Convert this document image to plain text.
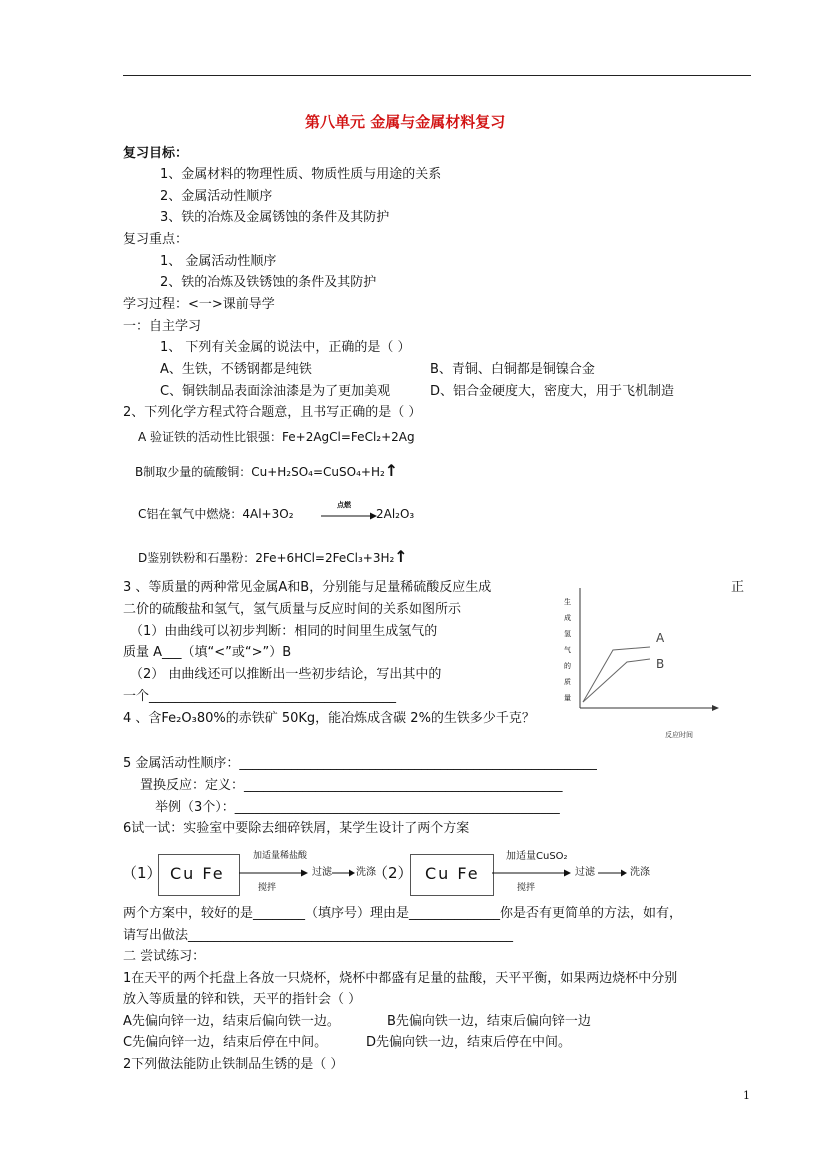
第八单元 金属与金属材料复习
复习目标：
1、金属材料的物理性质、物质性质与用途的关系
2、金属活动性顺序
3、铁的冶炼及金属锈蚀的条件及其防护
复习重点：
1、 金属活动性顺序
2、铁的冶炼及铁锈蚀的条件及其防护
学习过程：<一>课前导学
一：自主学习
1、 下列有关金属的说法中，正确的是（ ）
A、生铁，不锈钢都是纯铁	B、青铜、白铜都是铜镍合金
C、铜铁制品表面涂油漆是为了更加美观	D、铝合金硬度大，密度大，用于飞机制造
2、下列化学方程式符合题意，且书写正确的是（ ）
A 验证铁的活动性比银强：Fe+2AgCl=FeCl₂+2Ag
B制取少量的硫酸铜：Cu+H₂SO₄=CuSO₄+H₂↑
C铝在氧气中燃烧：4Al+3O₂
点燃
2Al₂O₃
D鉴别铁粉和石墨粉：2Fe+6HCl=2FeCl₃+3H₂↑
3 、等质量的两种常见金属A和B，分别能与足量稀硫酸反应生成	正
二价的硫酸盐和氢气，氢气质量与反应时间的关系如图所示
（1）由曲线可以初步判断：相同的时间里生成氢气的
质量 A___（填“<”或“>”）B
（2） 由曲线还可以推断出一些初步结论，写出其中的
一个______________________________________
生
成
氢
气
的
质
量
A
B
反应时间
4 、含Fe₂O₃80%的赤铁矿 50Kg，能冶炼成含碳 2%的生铁多少千克？
5 金属活动性顺序：_______________________________________________________
置换反应：定义：_________________________________________________
举例（3个）：__________________________________________________
6试一试：实验室中要除去细碎铁屑，某学生设计了两个方案
（1） Cu Fe
加适量稀盐酸
搅拌
过滤 洗涤
（2） Cu Fe
加适量CuSO₂
搅拌
过滤	洗涤
两个方案中，较好的是________（填序号）理由是______________你是否有更简单的方法，如有，
请写出做法__________________________________________________
二 尝试练习：
1在天平的两个托盘上各放一只烧杯，烧杯中都盛有足量的盐酸，天平平衡，如果两边烧杯中分别
放入等质量的锌和铁，天平的指针会（ ）
A先偏向锌一边，结束后偏向铁一边。	B先偏向铁一边，结束后偏向锌一边
C先偏向锌一边，结束后停在中间。	D先偏向铁一边，结束后停在中间。
2下列做法能防止铁制品生锈的是（ ）
1
